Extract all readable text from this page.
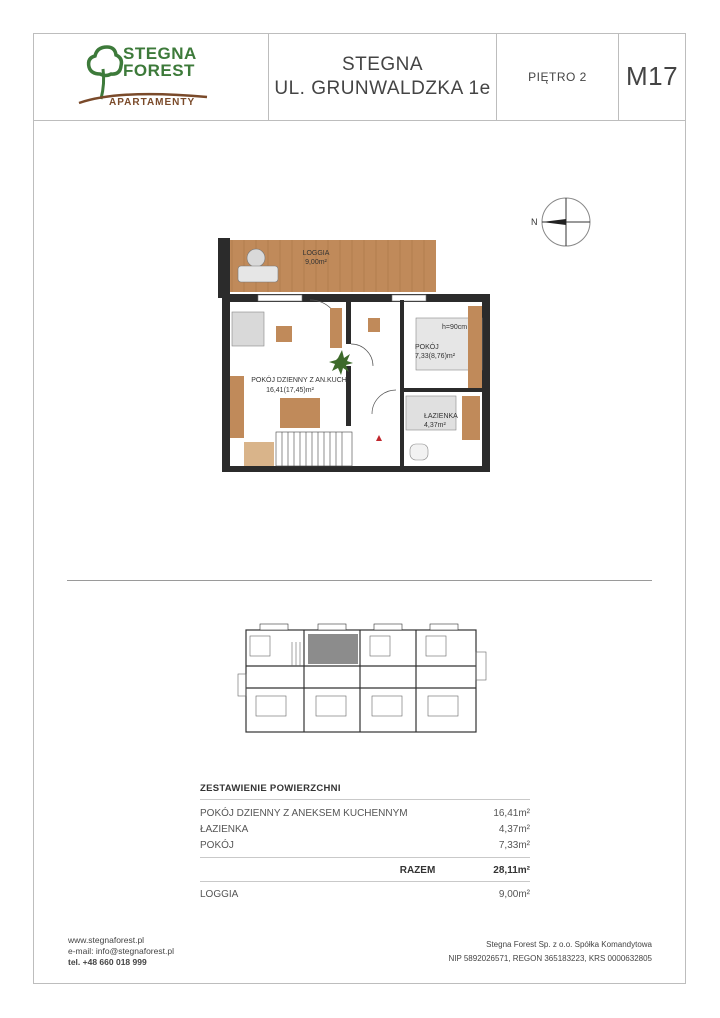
STEGNA
FOREST
APARTAMENTY
STEGNA
UL. GRUNWALDZKA 1e
PIĘTRO 2 M17
N
LOGGIA
9,00m²
POKÓJ DZIENNY Z AN.KUCH.
16,41(17,45)m²
h=90cm
POKÓJ
7,33(8,76)m²
ŁAZIENKA
4,37m²
ZESTAWIENIE POWIERZCHNI
POKÓJ DZIENNY Z ANEKSEM KUCHENNYM	16,41m²
ŁAZIENKA	4,37m²
POKÓJ	7,33m²
RAZEM	28,11m²
LOGGIA	9,00m²
www.stegnaforest.pl
e-mail: info@stegnaforest.pl
tel. +48 660 018 999
Stegna Forest Sp. z o.o. Spółka Komandytowa
NIP 5892026571, REGON 365183223, KRS 0000632805
